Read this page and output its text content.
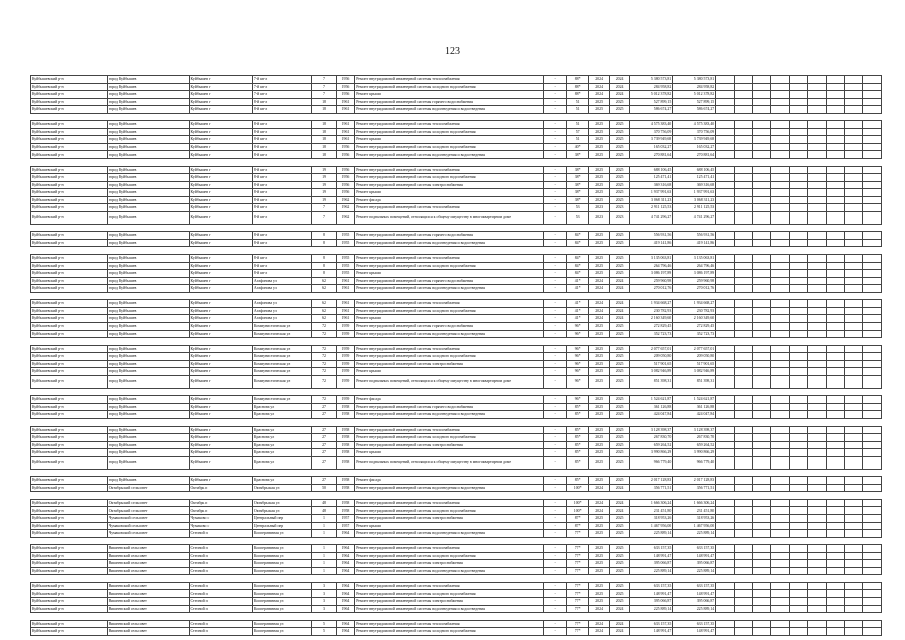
123
Куйбышевский р-н	город Куйбышев	Куйбышев г	7-й кв-л	7	1956	Ремонт внутридомовой инженерной системы теплоснабжения	-	88*	2024	2024	5 380 573,81	5 380 573,81									
Куйбышевский р-н	город Куйбышев	Куйбышев г	7-й кв-л	7	1956	Ремонт внутридомовой инженерной системы холодного водоснабжения	-	88*	2024	2024	284 958,82	284 958,82									
Куйбышевский р-н	город Куйбышев	Куйбышев г	7-й кв-л	7	1956	Ремонт крыши	-	88*	2024	2024	5 012 378,82	5 012 378,82									
Куйбышевский р-н	город Куйбышев	Куйбышев г	8-й кв-л	18	1961	Ремонт внутридомовой инженерной системы горячего водоснабжения	-	51	2025	2025	527 899,15	527 899,15									
Куйбышевский р-н	город Куйбышев	Куйбышев г	8-й кв-л	18	1961	Ремонт внутридомовой инженерной системы водоотведения и водоотведения	-	51	2025	2025	586 674,27	586 674,27									

Куйбышевский р-н	город Куйбышев	Куйбышев г	8-й кв-л	18	1961	Ремонт внутридомовой инженерной системы теплоснабжения	-	51	2025	2025	4 575 383,40	4 575 383,40									
Куйбышевский р-н	город Куйбышев	Куйбышев г	8-й кв-л	18	1961	Ремонт внутридомовой инженерной системы холодного водоснабжения	-	57	2025	2025	370 756,09	370 756,09									
Куйбышевский р-н	город Куйбышев	Куйбышев г	8-й кв-л	18	1961	Ремонт крыши	-	51	2025	2025	3 739 949,68	3 739 949,68									
Куйбышевский р-н	город Куйбышев	Куйбышев г	8-й кв-л	18	1956	Ремонт внутридомовой инженерной системы холодного водоснабжения	-	40*	2025	2025	165 032,27	165 032,27									
Куйбышевский р-н	город Куйбышев	Куйбышев г	8-й кв-л	18	1956	Ремонт внутридомовой инженерной системы водоотведения и водоотведения	-	38*	2025	2025	270 881,64	270 881,64									

Куйбышевский р-н	город Куйбышев	Куйбышев г	8-й кв-л	19	1956	Ремонт внутридомовой инженерной системы теплоснабжения	-	38*	2025	2025	688 106,45	688 106,45									
Куйбышевский р-н	город Куйбышев	Куйбышев г	8-й кв-л	19	1956	Ремонт внутридомовой инженерной системы холодного водоснабжения	-	38*	2025	2025	125 471,41	125 471,41									
Куйбышевский р-н	город Куйбышев	Куйбышев г	8-й кв-л	19	1956	Ремонт внутридомовой инженерной системы электроснабжения	-	38*	2025	2025	369 316,68	369 316,68									
Куйбышевский р-н	город Куйбышев	Куйбышев г	8-й кв-л	19	1956	Ремонт крыши	-	38*	2025	2025	1 937 991,63	1 937 991,63									
Куйбышевский р-н	город Куйбышев	Куйбышев г	8-й кв-л	19	1962	Ремонт фасада	-	38*	2025	2025	3 068 311,23	3 068 311,23									
Куйбышевский р-н	город Куйбышев	Куйбышев г	8-й кв-л	7	1962	Ремонт внутридомовой инженерной системы теплоснабжения	-	53	2023	2023	2 911 125,53	2 911 125,53									
Куйбышевский р-н	город Куйбышев	Куйбышев г	8-й кв-л	7	1962	Ремонт подвальных помещений, относящихся к общему имуществу в многоквартирном доме	-	53	2023	2023	4 741 296,27	4 741 296,27									

Куйбышевский р-н	город Куйбышев	Куйбышев г	8-й кв-л	8	1955	Ремонт внутридомовой инженерной системы горячего водоснабжения	-	84*	2025	2025	556 931,56	556 931,56									
Куйбышевский р-н	город Куйбышев	Куйбышев г	8-й кв-л	8	1955	Ремонт внутридомовой инженерной системы водоотведения и водоотведения	-	84*	2025	2025	419 141,86	419 141,86									

Куйбышевский р-н	город Куйбышев	Куйбышев г	8-й кв-л	8	1955	Ремонт внутридомовой инженерной системы теплоснабжения	-	84*	2025	2025	3 135 063,81	3 135 063,81									
Куйбышевский р-н	город Куйбышев	Куйбышев г	8-й кв-л	8	1955	Ремонт внутридомовой инженерной системы холодного водоснабжения	-	84*	2025	2025	264 796,46	264 796,46									
Куйбышевский р-н	город Куйбышев	Куйбышев г	8-й кв-л	8	1955	Ремонт крыши	-	84*	2025	2025	3 086 197,89	3 086 197,89									
Куйбышевский р-н	город Куйбышев	Куйбышев г	Агафонова ул	62	1961	Ремонт внутридомовой инженерной системы горячего водоснабжения	-	41*	2024	2024	259 960,98	259 960,98									
Куйбышевский р-н	город Куйбышев	Куйбышев г	Агафонова ул	62	1961	Ремонт внутридомовой инженерной системы водоотведения и водоотведения	-	41*	2024	2024	270 012,76	270 012,76									

Куйбышевский р-н	город Куйбышев	Куйбышев г	Агафонова ул	62	1961	Ремонт внутридомовой инженерной системы теплоснабжения	-	41*	2024	2024	1 934 668,27	1 934 668,27									
Куйбышевский р-н	город Куйбышев	Куйбышев г	Агафонова ул	62	1961	Ремонт внутридомовой инженерной системы холодного водоснабжения	-	41*	2024	2024	230 782,93	230 782,93									
Куйбышевский р-н	город Куйбышев	Куйбышев г	Агафонова ул	62	1961	Ремонт крыши	-	41*	2024	2024	2 160 349,60	2 160 349,60									
Куйбышевский р-н	город Куйбышев	Куйбышев г	Коммунистическая ул	72	1959	Ремонт внутридомовой инженерной системы горячего водоснабжения	-	96*	2025	2025	272 829,45	272 829,45									
Куйбышевский р-н	город Куйбышев	Куйбышев г	Коммунистическая ул	72	1959	Ремонт внутридомовой инженерной системы водоотведения и водоотведения	-	96*	2025	2025	352 723,73	352 723,73									

Куйбышевский р-н	город Куйбышев	Куйбышев г	Коммунистическая ул	72	1959	Ремонт внутридомовой инженерной системы теплоснабжения	-	96*	2025	2025	2 077 657,01	2 077 657,01									
Куйбышевский р-н	город Куйбышев	Куйбышев г	Коммунистическая ул	72	1959	Ремонт внутридомовой инженерной системы холодного водоснабжения	-	96*	2025	2025	209 050,80	209 050,80									
Куйбышевский р-н	город Куйбышев	Куйбышев г	Коммунистическая ул	72	1959	Ремонт внутридомовой инженерной системы электроснабжения	-	96*	2025	2025	517 901,65	517 901,65									
Куйбышевский р-н	город Куйбышев	Куйбышев г	Коммунистическая ул	72	1959	Ремонт крыши	-	96*	2025	2025	3 082 946,89	3 082 946,89									
Куйбышевский р-н	город Куйбышев	Куйбышев г	Коммунистическая ул	72	1959	Ремонт подвальных помещений, относящихся к общему имуществу в многоквартирном доме	-	96*	2025	2025	851 398,31	851 398,31									

Куйбышевский р-н	город Куйбышев	Куйбышев г	Коммунистическая ул	72	1959	Ремонт фасада	-	96*	2025	2025	1 524 621,87	1 524 621,87									
Куйбышевский р-н	город Куйбышев	Куйбышев г	Краснова ул	27	1958	Ремонт внутридомовой инженерной системы горячего водоснабжения	-	85*	2025	2025	361 126,88	361 126,88									
Куйбышевский р-н	город Куйбышев	Куйбышев г	Краснова ул	27	1958	Ремонт внутридомовой инженерной системы водоотведения и водоотведения	-	85*	2025	2025	424 047,84	424 047,84									

Куйбышевский р-н	город Куйбышев	Куйбышев г	Краснова ул	27	1958	Ремонт внутридомовой инженерной системы теплоснабжения	-	85*	2025	2025	3 128 398,37	3 128 398,37									
Куйбышевский р-н	город Куйбышев	Куйбышев г	Краснова ул	27	1958	Ремонт внутридомовой инженерной системы холодного водоснабжения	-	85*	2025	2025	267 830,70	267 830,70									
Куйбышевский р-н	город Куйбышев	Куйбышев г	Краснова ул	27	1958	Ремонт внутридомовой инженерной системы электроснабжения	-	85*	2025	2025	659 264,52	659 264,52									
Куйбышевский р-н	город Куйбышев	Куйбышев г	Краснова ул	27	1958	Ремонт крыши	-	85*	2025	2025	3 990 866,29	3 990 866,29									
Куйбышевский р-н	город Куйбышев	Куйбышев г	Краснова ул	27	1958	Ремонт подвальных помещений, относящихся к общему имуществу в многоквартирном доме	-	85*	2025	2025	966 779,40	966 779,40									

Куйбышевский р-н	город Куйбышев	Куйбышев г	Краснова ул	27	1958	Ремонт фасада	-	85*	2025	2025	2 017 128,83	2 017 128,83									
Куйбышевский р-н	Октябрьский сельсовет	Октябрь п	Октябрьская ул	50	1958	Ремонт внутридомовой инженерной системы водоотведения и водоотведения	-	100*	2024	2024	356 771,51	356 771,51									

Куйбышевский р-н	Октябрьский сельсовет	Октябрь п	Октябрьская ул	48	1958	Ремонт внутридомовой инженерной системы теплоснабжения	-	100*	2024	2024	1 666 306,24	1 666 306,24									
Куйбышевский р-н	Октябрьский сельсовет	Октябрь п	Октябрьская ул	48	1958	Ремонт внутридомовой инженерной системы холодного водоснабжения	-	100*	2024	2024	231 451,80	231 451,80									
Куйбышевский р-н	Чумаковский сельсовет	Чумаково с	Центральный пер	1	1957	Ремонт внутридомовой инженерной системы электроснабжения	-	87*	2025	2025	318 953,26	318 953,26									
Куйбышевский р-н	Чумаковский сельсовет	Чумаково с	Центральный пер	1	1957	Ремонт крыши	-	87*	2025	2025	1 467 956,00	1 467 956,00									
Куйбышевский р-н	Чумаковский сельсовет	Степной п	Кооперативная ул	1	1964	Ремонт внутридомовой инженерной системы водоотведения и водоотведения	-	77*	2025	2025	225 889,14	225 889,14									

Куйбышевский р-н	Вишневский сельсовет	Степной п	Кооперативная ул	1	1964	Ремонт внутридомовой инженерной системы теплоснабжения	-	77*	2025	2025	633 157,35	633 157,35									
Куйбышевский р-н	Вишневский сельсовет	Степной п	Кооперативная ул	1	1964	Ремонт внутридомовой инженерной системы холодного водоснабжения	-	77*	2025	2025	148 991,47	148 991,47									
Куйбышевский р-н	Вишневский сельсовет	Степной п	Кооперативная ул	1	1964	Ремонт внутридомовой инженерной системы электроснабжения	-	77*	2025	2025	395 066,87	395 066,87									
Куйбышевский р-н	Вишневский сельсовет	Степной п	Кооперативная ул	1	1964	Ремонт внутридомовой инженерной системы водоотведения и водоотведения	-	77*	2025	2025	225 889,14	225 889,14									

Куйбышевский р-н	Вишневский сельсовет	Степной п	Кооперативная ул	3	1964	Ремонт внутридомовой инженерной системы теплоснабжения	-	77*	2025	2025	633 157,35	633 157,35									
Куйбышевский р-н	Вишневский сельсовет	Степной п	Кооперативная ул	3	1964	Ремонт внутридомовой инженерной системы холодного водоснабжения	-	77*	2025	2025	148 991,47	148 991,47									
Куйбышевский р-н	Вишневский сельсовет	Степной п	Кооперативная ул	3	1964	Ремонт внутридомовой инженерной системы электроснабжения	-	77*	2025	2025	395 066,87	395 066,87									
Куйбышевский р-н	Вишневский сельсовет	Степной п	Кооперативная ул	3	1964	Ремонт внутридомовой инженерной системы водоотведения и водоотведения	-	77*	2024	2024	225 889,14	225 889,14									

Куйбышевский р-н	Вишневский сельсовет	Степной п	Кооперативная ул	5	1964	Ремонт внутридомовой инженерной системы теплоснабжения	-	77*	2024	2024	633 157,35	633 157,35									
Куйбышевский р-н	Вишневский сельсовет	Степной п	Кооперативная ул	5	1964	Ремонт внутридомовой инженерной системы холодного водоснабжения	-	77*	2024	2024	148 991,47	148 991,47									
